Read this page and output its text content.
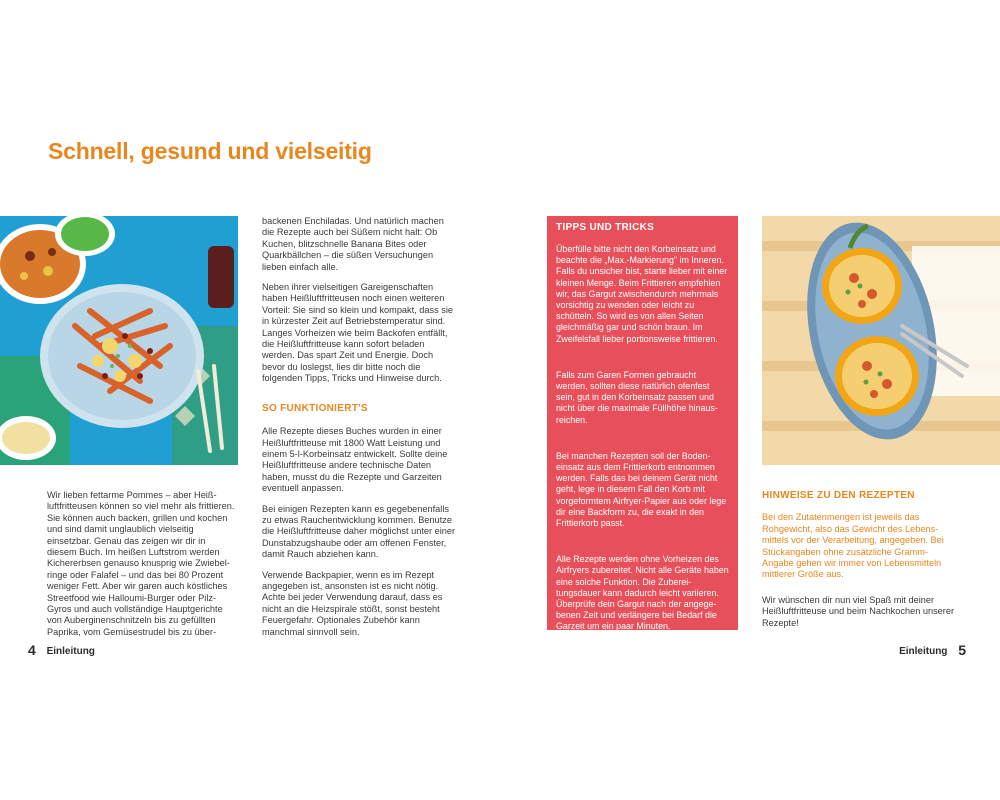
Schnell, gesund und vielseitig

Wir lieben fettarme Pommes – aber Heißluftfritteusen können so viel mehr als frittieren. Sie können auch backen, grillen und kochen und sind damit unglaublich vielseitig einsetzbar. Genau das zeigen wir dir in diesem Buch. Im heißen Luftstrom werden Kichererbsen genauso knusprig wie Zwiebelringe oder Falafel – und das bei 80 Prozent weniger Fett. Aber wir garen auch köstliches Streetfood wie Halloumi-Burger oder Pilz-Gyros und auch vollständige Hauptgerichte von Auberginenschnitzeln bis zu gefüllten Paprika, vom Gemüsestrudel bis zu über-

backenen Enchiladas. Und natürlich machen die Rezepte auch bei Süßem nicht halt: Ob Kuchen, blitzschnelle Banana Bites oder Quarkbällchen – die süßen Versuchungen lieben einfach alle.

Neben ihrer vielseitigen Gareigenschaften haben Heißluftfritteusen noch einen weiteren Vorteil: Sie sind so klein und kompakt, dass sie in kürzester Zeit auf Betriebstemperatur sind. Langes Vorheizen wie beim Backofen entfällt, die Heißluftfritteuse kann sofort beladen werden. Das spart Zeit und Energie. Doch bevor du loslegst, lies dir bitte noch die folgenden Tipps, Tricks und Hinweise durch.

SO FUNKTIONIERT'S

Alle Rezepte dieses Buches wurden in einer Heißluftfritteuse mit 1800 Watt Leistung und einem 5-l-Korbeinsatz entwickelt. Sollte deine Heißluftfritteuse andere technische Daten haben, musst du die Rezepte und Garzeiten eventuell anpassen.

Bei einigen Rezepten kann es gegebenenfalls zu etwas Rauchentwicklung kommen. Benutze die Heißluftfritteuse daher möglichst unter einer Dunstabzugshaube oder am offenen Fenster, damit Rauch abziehen kann.

Verwende Backpapier, wenn es im Rezept angegeben ist, ansonsten ist es nicht nötig. Achte bei jeder Verwendung darauf, dass es nicht an die Heizspirale stößt, sonst besteht Feuergefahr. Optionales Zubehör kann manchmal sinnvoll sein.

4 Einleitung
TIPPS UND TRICKS

Überfülle bitte nicht den Korbeinsatz und beachte die „Max.-Markierung" im Inneren. Falls du unsicher bist, starte lieber mit einer kleinen Menge. Beim Frittieren empfehlen wir, das Gargut zwischendurch mehrmals vorsichtig zu wenden oder leicht zu schütteln. So wird es von allen Seiten gleichmäßig gar und schön braun. Im Zweifelsfall lieber portionsweise frittieren.

Falls zum Garen Formen gebraucht werden, sollten diese natürlich ofenfest sein, gut in den Korbeinsatz passen und nicht über die maximale Füllhöhe hinausreichen.

Bei manchen Rezepten soll der Bodeneinsatz aus dem Frittierkorb entnommen werden. Falls das bei deinem Gerät nicht geht, lege in diesem Fall den Korb mit vorgeformtem Airfryer-Papier aus oder lege dir eine Backform zu, die exakt in den Frittierkorb passt.

Alle Rezepte werden ohne Vorheizen des Airfryers zubereitet. Nicht alle Geräte haben eine solche Funktion. Die Zubereitungsdauer kann dadurch leicht variieren. Überprüfe dein Gargut nach der angegebenen Zeit und verlängere bei Bedarf die Garzeit um ein paar Minuten.

HINWEISE ZU DEN REZEPTEN

Bei den Zutatenmengen ist jeweils das Rohgewicht, also das Gewicht des Lebensmittels vor der Verarbeitung, angegeben. Bei Stückangaben ohne zusätzliche Gramm-Angabe gehen wir immer von Lebensmitteln mittlerer Größe aus.

Wir wünschen dir nun viel Spaß mit deiner Heißluftfritteuse und beim Nachkochen unserer Rezepte!

Einleitung 5
